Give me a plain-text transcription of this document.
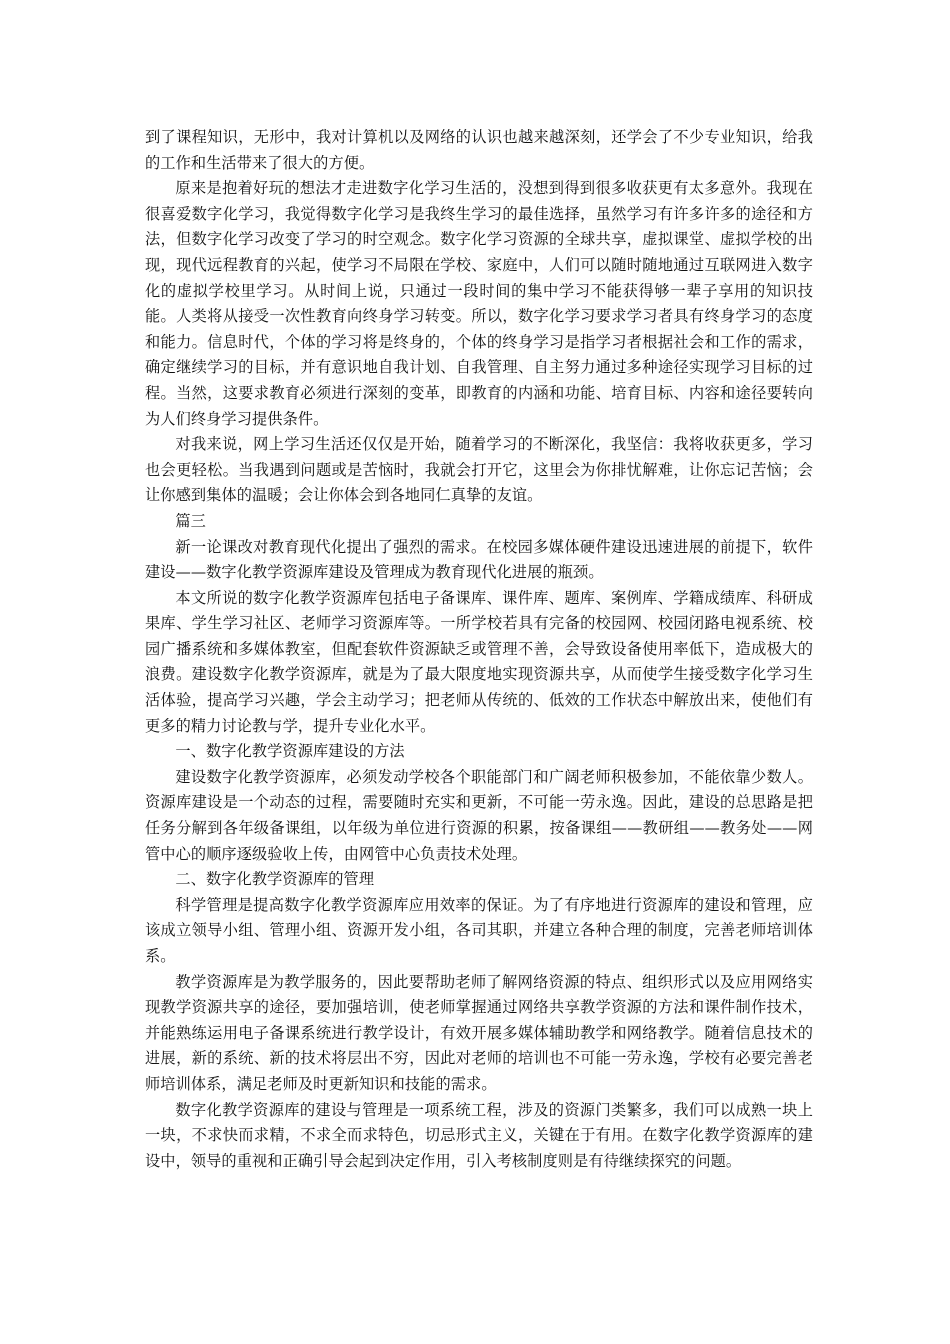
到了课程知识，无形中，我对计算机以及网络的认识也越来越深刻，还学会了不少专业知识，给我的工作和生活带来了很大的方便。

原来是抱着好玩的想法才走进数字化学习生活的，没想到得到很多收获更有太多意外。我现在很喜爱数字化学习，我觉得数字化学习是我终生学习的最佳选择，虽然学习有许多许多的途径和方法，但数字化学习改变了学习的时空观念。数字化学习资源的全球共享，虚拟课堂、虚拟学校的出现，现代远程教育的兴起，使学习不局限在学校、家庭中，人们可以随时随地通过互联网进入数字化的虚拟学校里学习。从时间上说，只通过一段时间的集中学习不能获得够一辈子享用的知识技能。人类将从接受一次性教育向终身学习转变。所以，数字化学习要求学习者具有终身学习的态度和能力。信息时代，个体的学习将是终身的，个体的终身学习是指学习者根据社会和工作的需求，确定继续学习的目标，并有意识地自我计划、自我管理、自主努力通过多种途径实现学习目标的过程。当然，这要求教育必须进行深刻的变革，即教育的内涵和功能、培育目标、内容和途径要转向为人们终身学习提供条件。

对我来说，网上学习生活还仅仅是开始，随着学习的不断深化，我坚信：我将收获更多，学习也会更轻松。当我遇到问题或是苦恼时，我就会打开它，这里会为你排忧解难，让你忘记苦恼；会让你感到集体的温暖；会让你体会到各地同仁真挚的友谊。

篇三

新一论课改对教育现代化提出了强烈的需求。在校园多媒体硬件建设迅速进展的前提下，软件建设——数字化教学资源库建设及管理成为教育现代化进展的瓶颈。

本文所说的数字化教学资源库包括电子备课库、课件库、题库、案例库、学籍成绩库、科研成果库、学生学习社区、老师学习资源库等。一所学校若具有完备的校园网、校园闭路电视系统、校园广播系统和多媒体教室，但配套软件资源缺乏或管理不善，会导致设备使用率低下，造成极大的浪费。建设数字化教学资源库，就是为了最大限度地实现资源共享，从而使学生接受数字化学习生活体验，提高学习兴趣，学会主动学习；把老师从传统的、低效的工作状态中解放出来，使他们有更多的精力讨论教与学，提升专业化水平。

一、数字化教学资源库建设的方法

建设数字化教学资源库，必须发动学校各个职能部门和广阔老师积极参加，不能依靠少数人。资源库建设是一个动态的过程，需要随时充实和更新，不可能一劳永逸。因此，建设的总思路是把任务分解到各年级备课组，以年级为单位进行资源的积累，按备课组——教研组——教务处——网管中心的顺序逐级验收上传，由网管中心负责技术处理。

二、数字化教学资源库的管理

科学管理是提高数字化教学资源库应用效率的保证。为了有序地进行资源库的建设和管理，应该成立领导小组、管理小组、资源开发小组，各司其职，并建立各种合理的制度，完善老师培训体系。

教学资源库是为教学服务的，因此要帮助老师了解网络资源的特点、组织形式以及应用网络实现教学资源共享的途径，要加强培训，使老师掌握通过网络共享教学资源的方法和课件制作技术，并能熟练运用电子备课系统进行教学设计，有效开展多媒体辅助教学和网络教学。随着信息技术的进展，新的系统、新的技术将层出不穷，因此对老师的培训也不可能一劳永逸，学校有必要完善老师培训体系，满足老师及时更新知识和技能的需求。

数字化教学资源库的建设与管理是一项系统工程，涉及的资源门类繁多，我们可以成熟一块上一块，不求快而求精，不求全而求特色，切忌形式主义，关键在于有用。在数字化教学资源库的建设中，领导的重视和正确引导会起到决定作用，引入考核制度则是有待继续探究的问题。
